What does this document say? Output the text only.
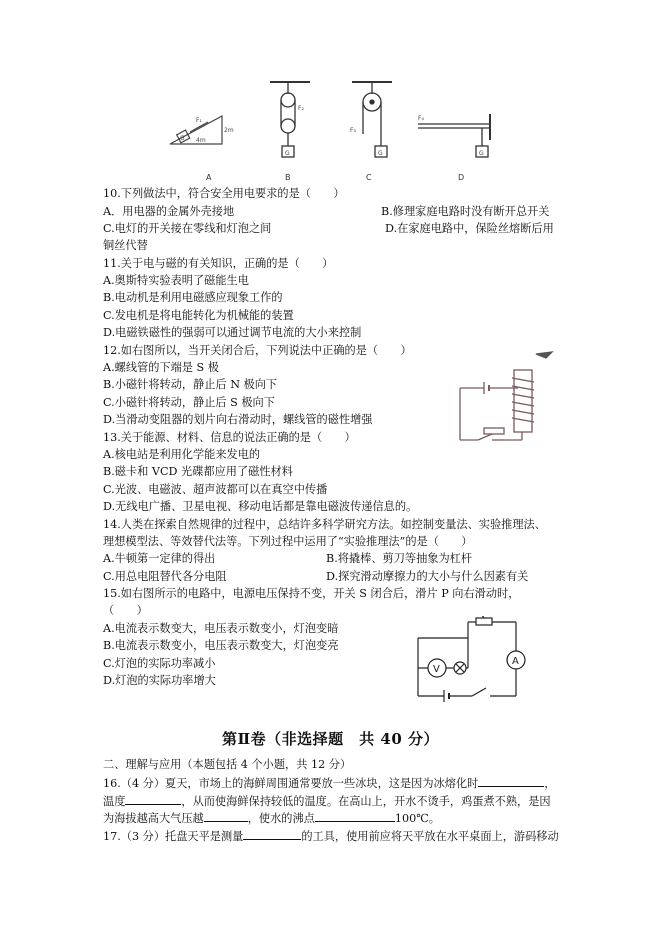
F₁
G 4m
2m
F₂
G
F₃
G
F₄
G
A	B	C	D
10.下列做法中，符合安全用电要求的是（　　）
A．用电器的金属外壳接地	B.修理家庭电路时没有断开总开关
C.电灯的开关接在零线和灯泡之间	D.在家庭电路中，保险丝熔断后用
铜丝代替
11.关于电与磁的有关知识，正确的是（　　）
A.奥斯特实验表明了磁能生电
B.电动机是利用电磁感应现象工作的
C.发电机是将电能转化为机械能的装置
D.电磁铁磁性的强弱可以通过调节电流的大小来控制
12.如右图所以，当开关闭合后，下列说法中正确的是（　　）
A.螺线管的下端是 S 极
B.小磁针将转动，静止后 N 极向下
C.小磁针将转动，静止后 S 极向下
D.当滑动变阻器的划片向右滑动时，螺线管的磁性增强
13.关于能源、材料、信息的说法正确的是（　　）
A.核电站是利用化学能来发电的
B.磁卡和 VCD 光碟都应用了磁性材料
C.光波、电磁波、超声波都可以在真空中传播
D.无线电广播、卫星电视、移动电话都是靠电磁波传递信息的。
14.人类在探索自然规律的过程中，总结许多科学研究方法。如控制变量法、实验推理法、
理想模型法、等效替代法等。下列过程中运用了“实验推理法”的是（　　）
A.牛顿第一定律的得出	B.将撬棒、剪刀等抽象为杠杆
C.用总电阻替代各分电阻	D.探究滑动摩擦力的大小与什么因素有关
15.如右图所示的电路中，电源电压保持不变，开关 S 闭合后，滑片 P 向右滑动时，
（　　）
A.电流表示数变大，电压表示数变小，灯泡变暗
B.电流表示数变小，电压表示数变大，灯泡变亮
C.灯泡的实际功率减小
D.灯泡的实际功率增大
V
A
第Ⅱ卷（非选择题　共 40 分）
二、理解与应用（本题包括 4 个小题，共 12 分）
16.（4 分）夏天，市场上的海鲜周围通常要放一些冰块，这是因为冰熔化时	，
温度	，从而使海鲜保持较低的温度。在高山上，开水不烫手，鸡蛋煮不熟，是因
为海拔越高大气压越	，使水的沸点	100℃。
17.（3 分）托盘天平是测量	的工具，使用前应将天平放在水平桌面上，游码移动
